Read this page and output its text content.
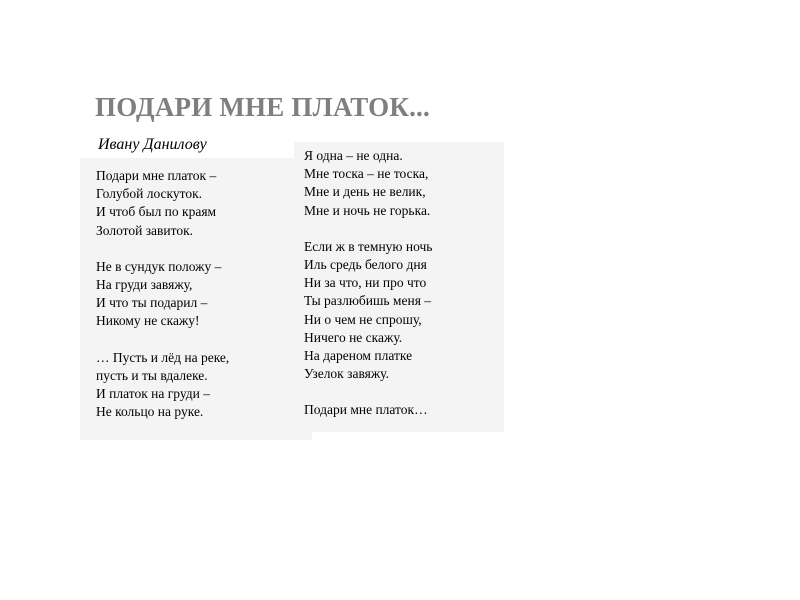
ПОДАРИ МНЕ ПЛАТОК...
Ивану Данилову
Подари мне платок –
Голубой лоскуток.
И чтоб был по краям
Золотой завиток.
Не в сундук положу –
На груди завяжу,
И что ты подарил –
Никому не скажу!
… Пусть и лёд на реке,
пусть и ты вдалеке.
И платок на груди –
Не кольцо на руке.
Я одна – не одна.
Мне тоска – не тоска,
Мне и день не велик,
Мне и ночь не горька.
Если ж в темную ночь
Иль средь белого дня
Ни за что, ни про что
Ты разлюбишь меня –
Ни о чем не спрошу,
Ничего не скажу.
На дареном платке
Узелок завяжу.
Подари мне платок…
